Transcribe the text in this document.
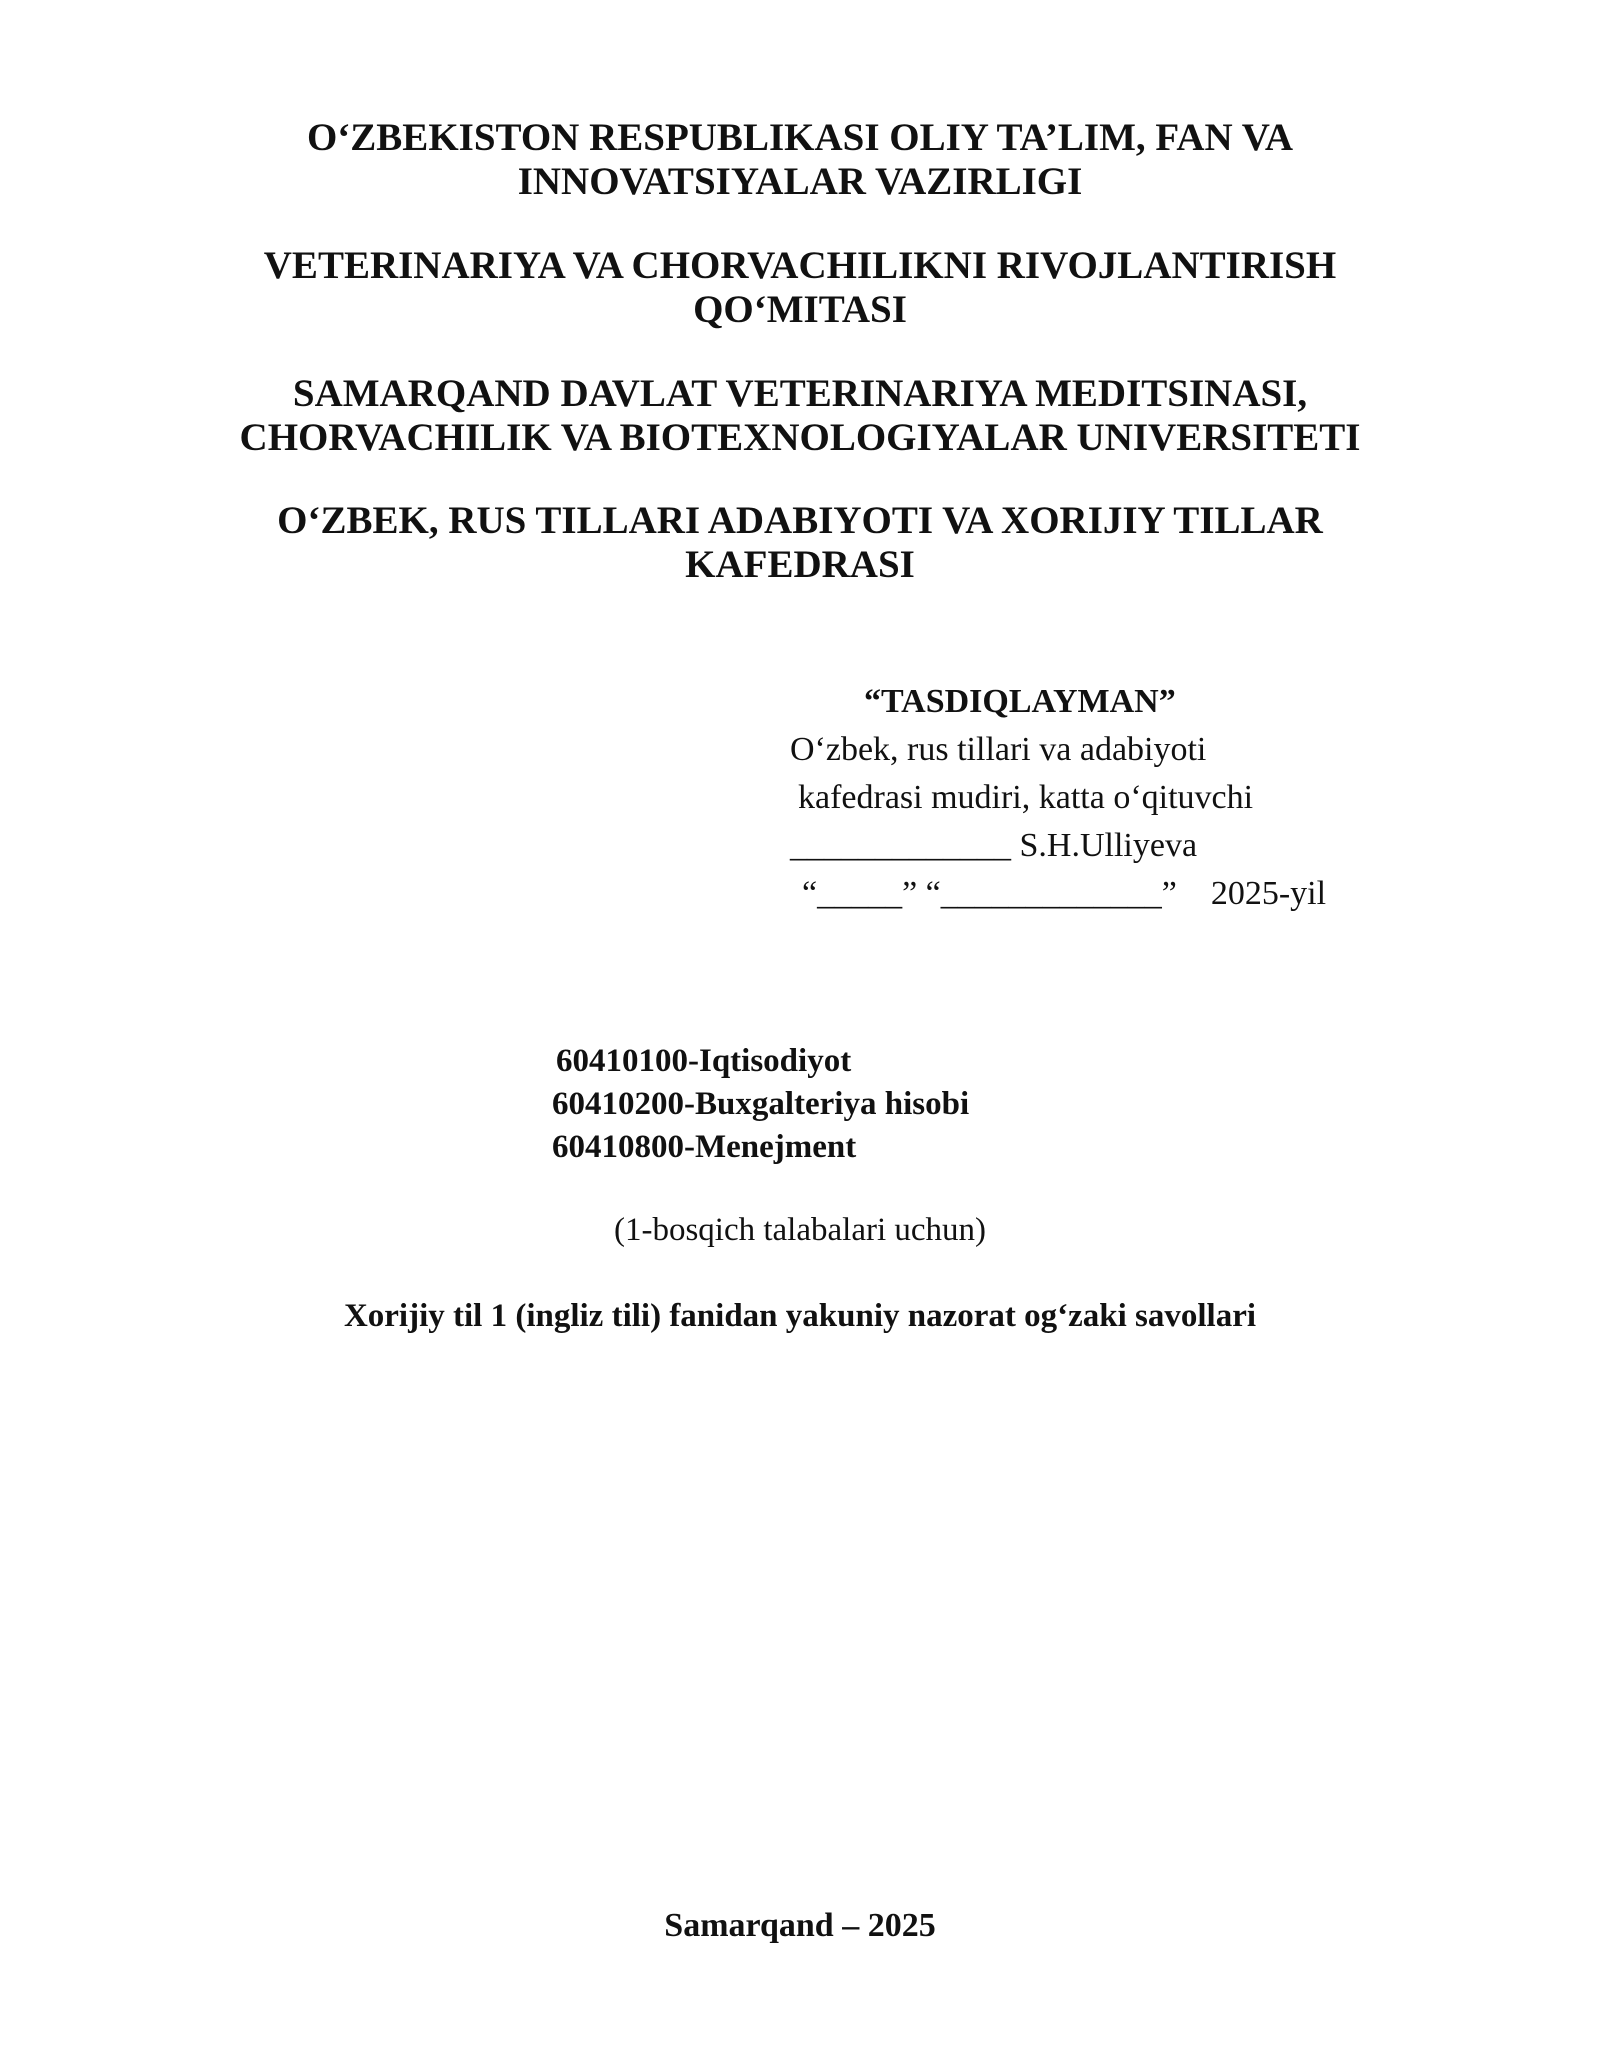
O‘ZBEKISTON RESPUBLIKASI OLIY TA’LIM, FAN VA
INNOVATSIYALAR VAZIRLIGI
VETERINARIYA VA CHORVACHILIKNI RIVOJLANTIRISH
QO‘MITASI
SAMARQAND DAVLAT VETERINARIYA MEDITSINASI,
CHORVACHILIK VA BIOTEXNOLOGIYALAR UNIVERSITETI
O‘ZBEK, RUS TILLARI ADABIYOTI VA XORIJIY TILLAR
KAFEDRASI
“TASDIQLAYMAN”
O‘zbek, rus tillari va adabiyoti
kafedrasi mudiri, katta o‘qituvchi
_____________ S.H.Ulliyeva
“_____” “_____________”    2025-yil
60410100-Iqtisodiyot
60410200-Buxgalteriya hisobi
60410800-Menejment
(1-bosqich talabalari uchun)
Xorijiy til 1 (ingliz tili) fanidan yakuniy nazorat og‘zaki savollari
Samarqand – 2025
